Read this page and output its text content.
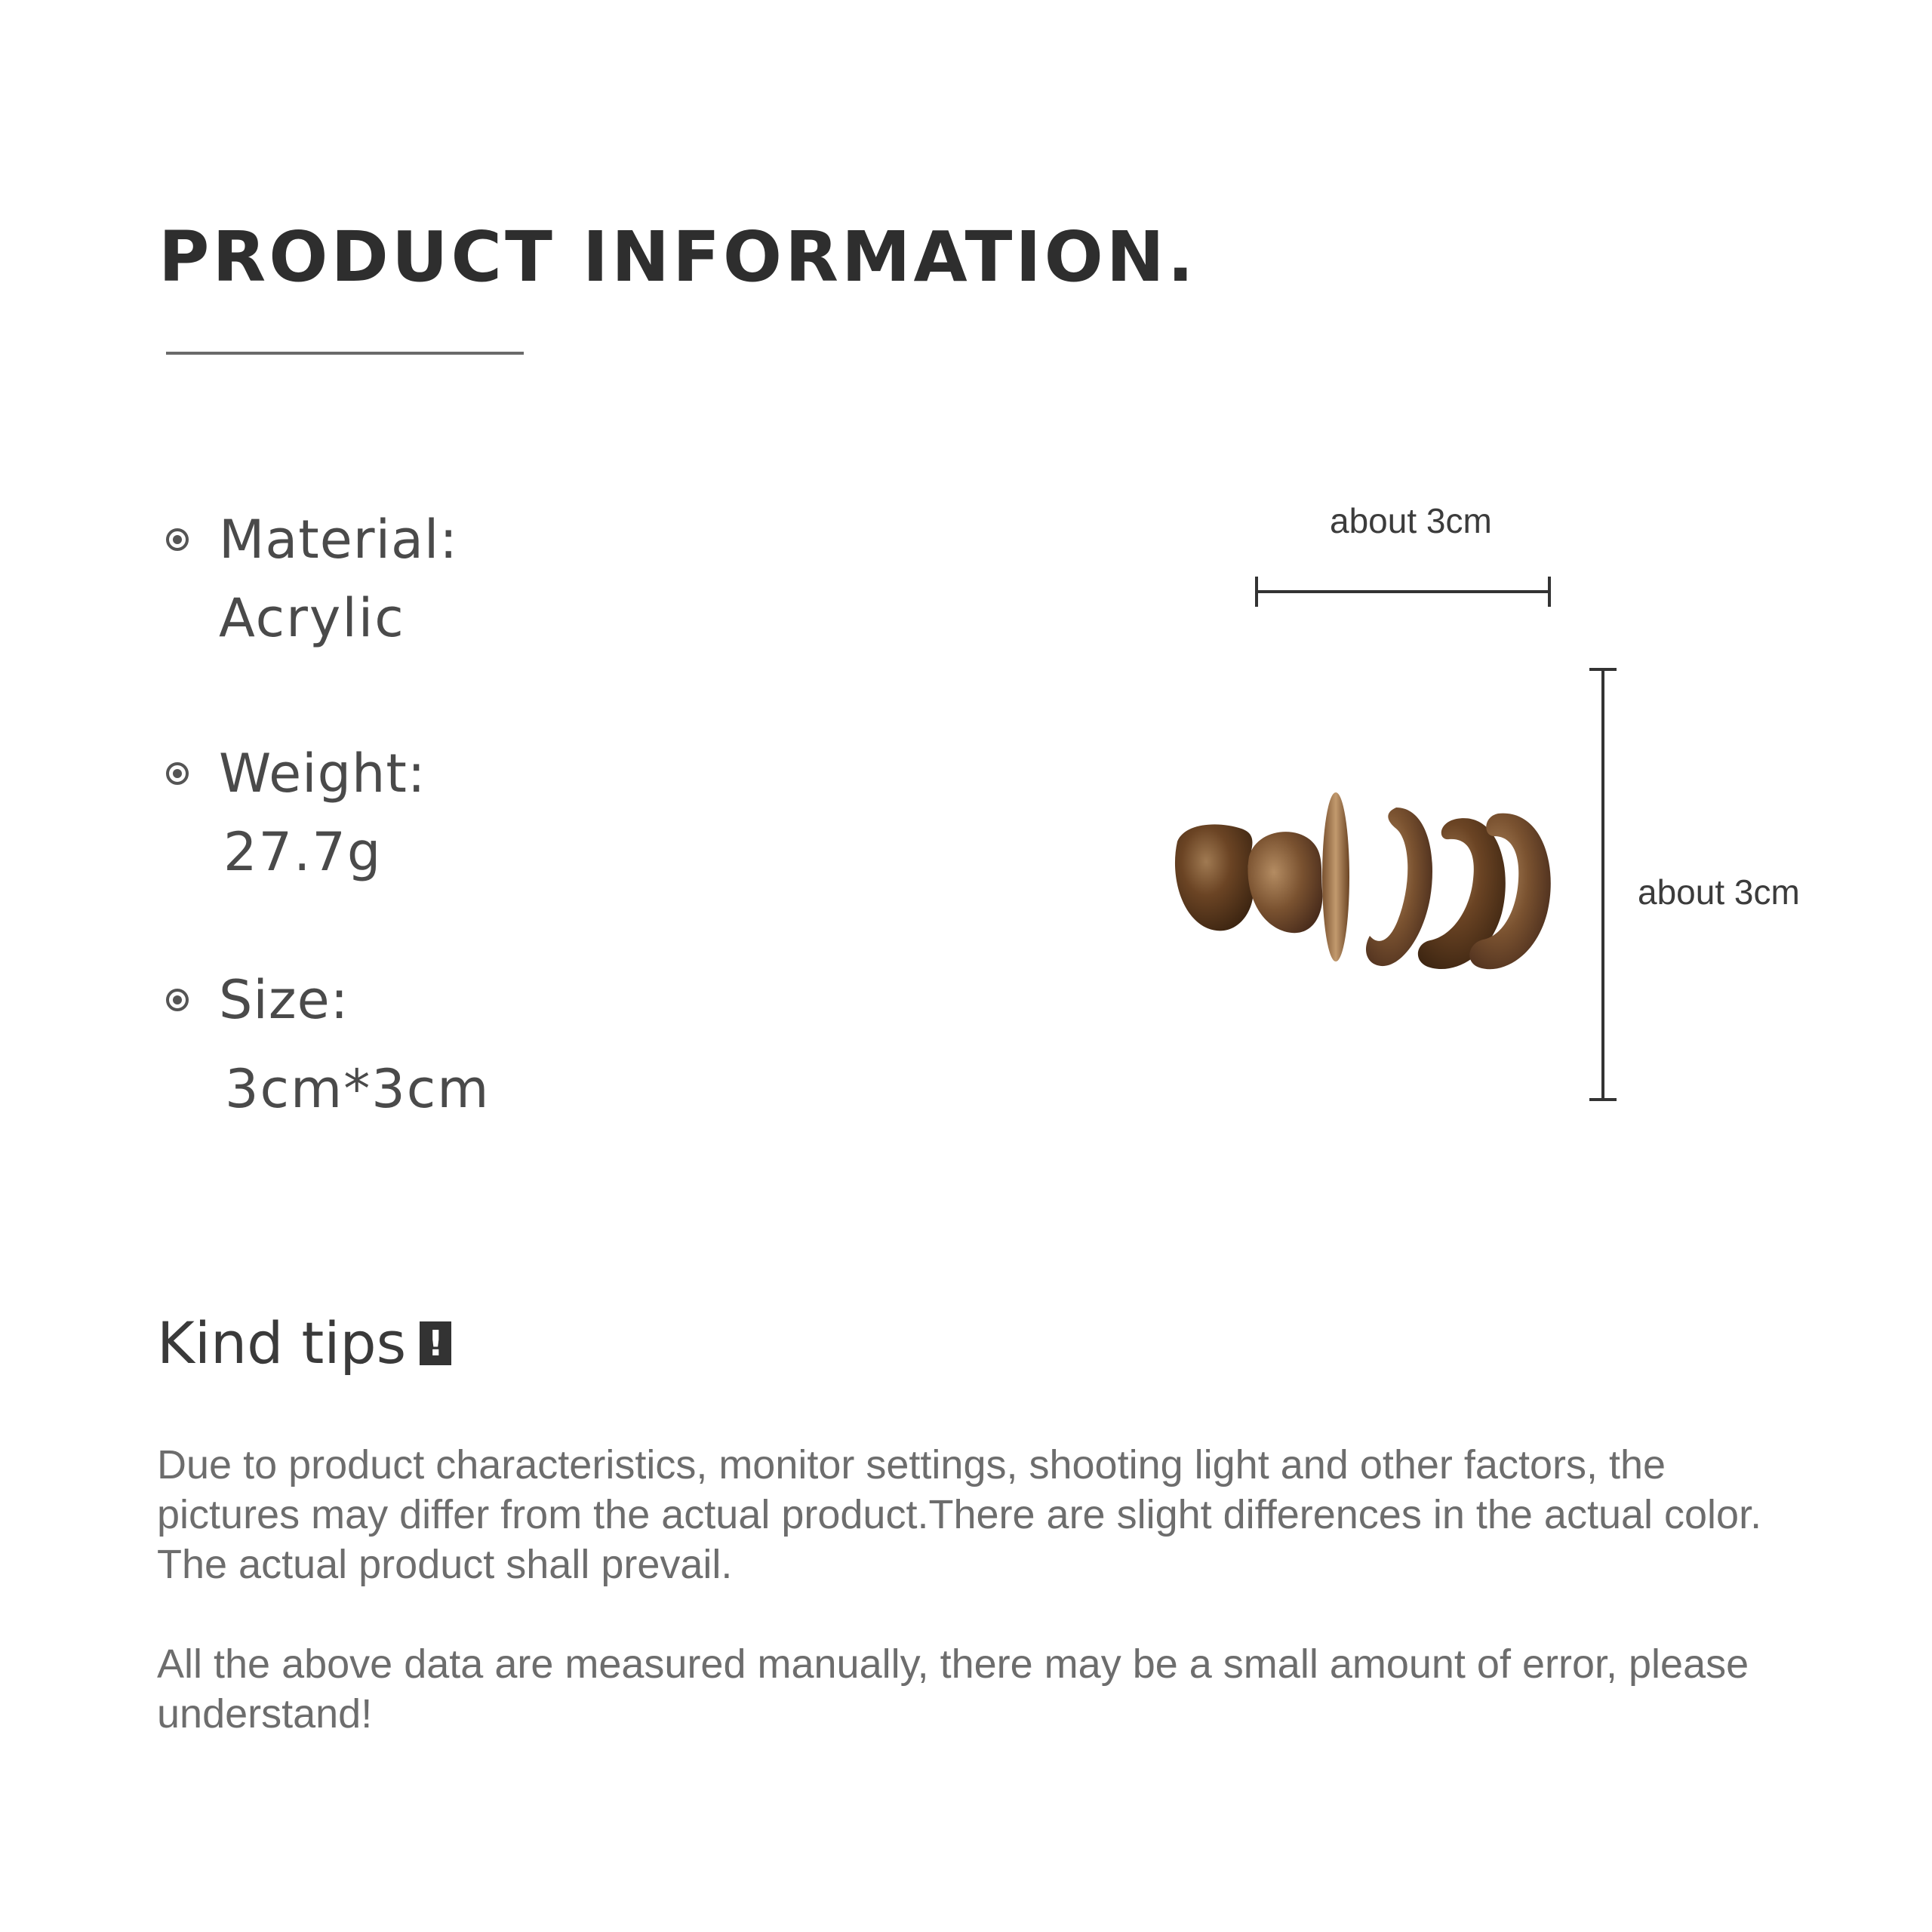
PRODUCT INFORMATION.
Material:
Acrylic
Weight:
27.7g
Size:
3cm*3cm
about 3cm
about 3cm
Kind tips !

Due to product characteristics, monitor settings, shooting light and other factors, the pictures may differ from the actual product.There are slight differences in the actual color. The actual product shall prevail.

All the above data are measured manually, there may be a small amount of error, please understand!
